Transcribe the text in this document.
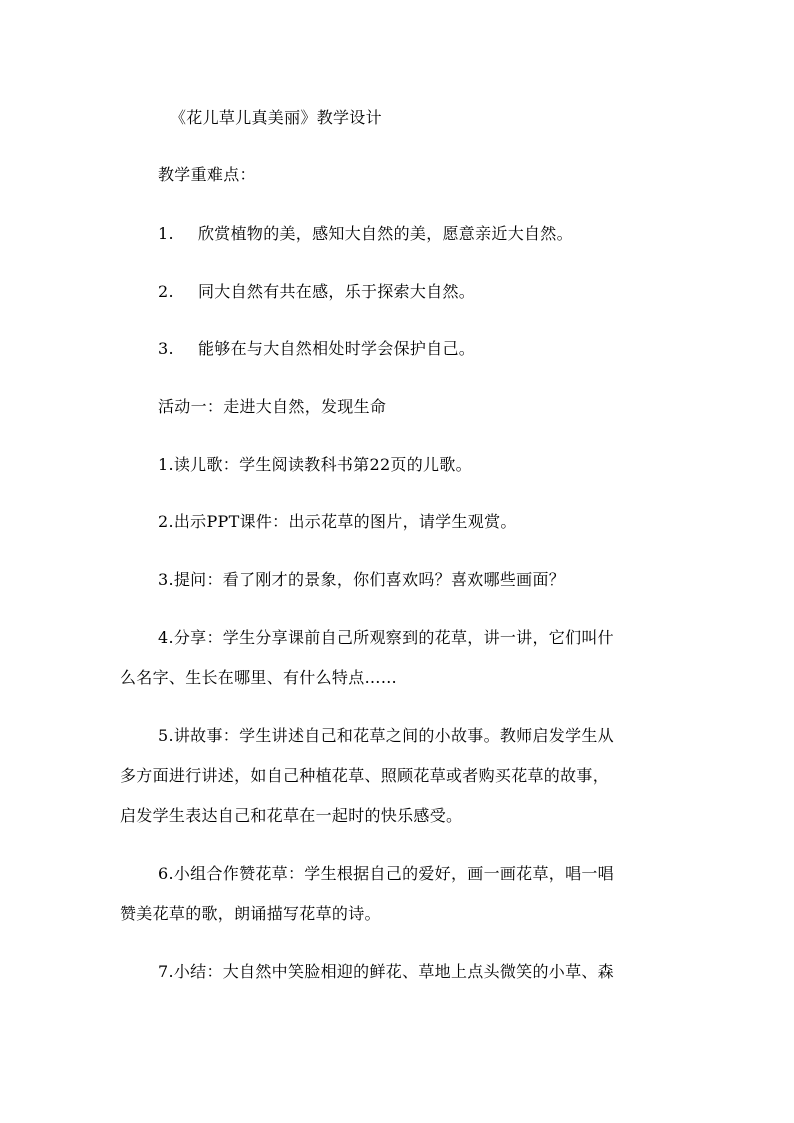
《花儿草儿真美丽》教学设计
教学重难点：
1. 欣赏植物的美，感知大自然的美，愿意亲近大自然。
2. 同大自然有共在感，乐于探索大自然。
3. 能够在与大自然相处时学会保护自己。
活动一：走进大自然，发现生命
1.读儿歌：学生阅读教科书第22页的儿歌。
2.出示PPT课件：出示花草的图片，请学生观赏。
3.提问：看了刚才的景象，你们喜欢吗？喜欢哪些画面？
4.分享：学生分享课前自己所观察到的花草，讲一讲，它们叫什
么名字、生长在哪里、有什么特点……
5.讲故事：学生讲述自己和花草之间的小故事。教师启发学生从
多方面进行讲述，如自己种植花草、照顾花草或者购买花草的故事，
启发学生表达自己和花草在一起时的快乐感受。
6.小组合作赞花草：学生根据自己的爱好，画一画花草，唱一唱
赞美花草的歌，朗诵描写花草的诗。
7.小结：大自然中笑脸相迎的鲜花、草地上点头微笑的小草、森
